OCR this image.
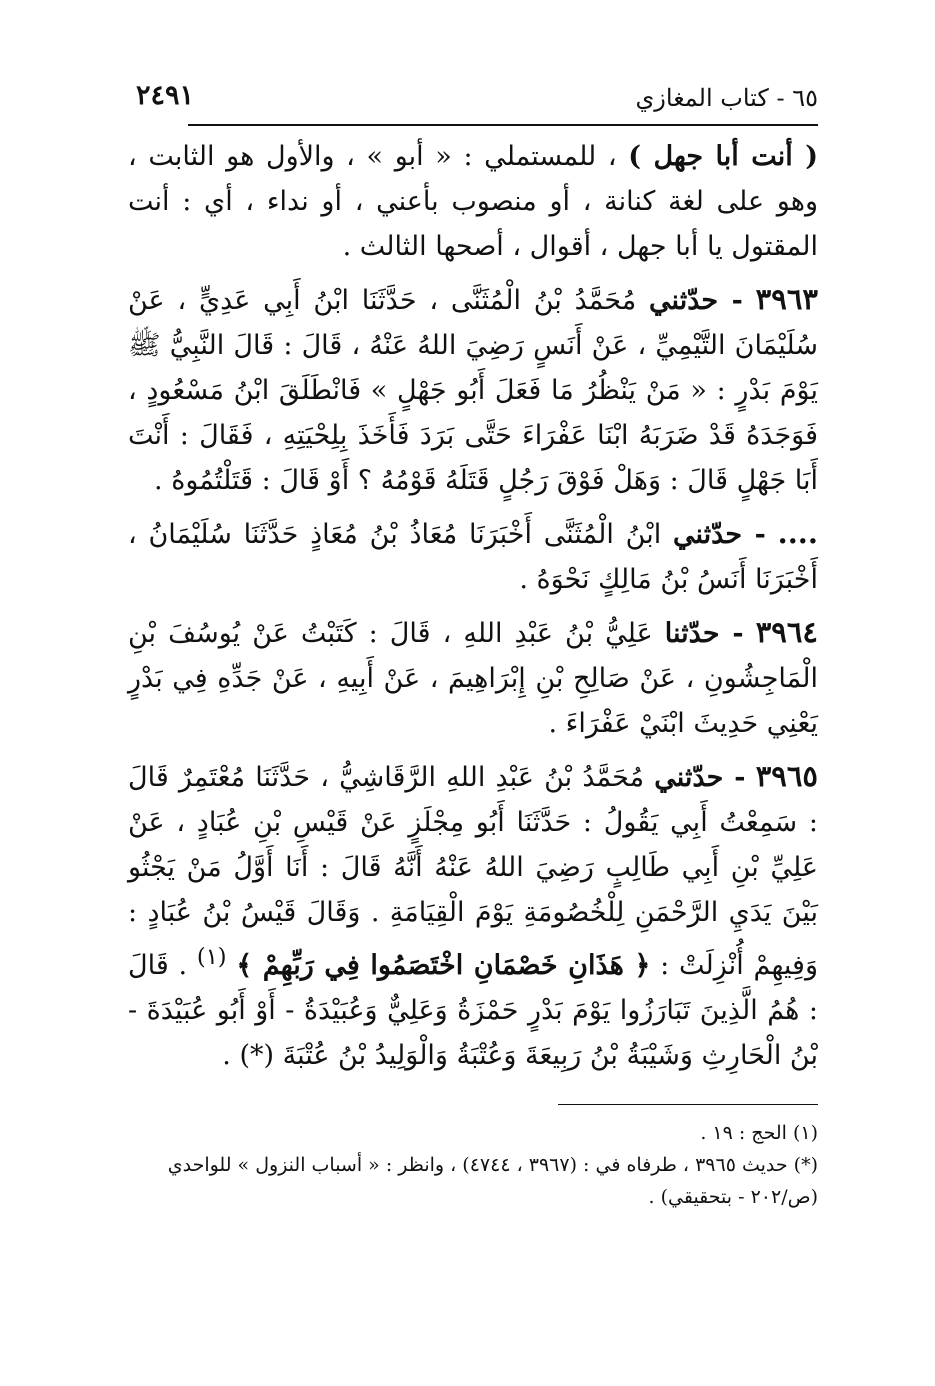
٦٥ - كتاب المغازي
٢٤٩١

( أنت أبا جهل ) ، للمستملي : « أبو » ، والأول هو الثابت ، وهو على لغة كنانة ، أو منصوب بأعني ، أو نداء ، أي : أنت المقتول يا أبا جهل ، أقوال ، أصحها الثالث .

٣٩٦٣ - حدّثني مُحَمَّدُ بْنُ الْمُثَنَّى ، حَدَّثَنَا ابْنُ أَبِي عَدِيٍّ ، عَنْ سُلَيْمَانَ التَّيْمِيِّ ، عَنْ أَنَسٍ رَضِيَ اللهُ عَنْهُ ، قَالَ : قَالَ النَّبِيُّ ﷺ يَوْمَ بَدْرٍ : « مَنْ يَنْظُرُ مَا فَعَلَ أَبُو جَهْلٍ » فَانْطَلَقَ ابْنُ مَسْعُودٍ ، فَوَجَدَهُ قَدْ ضَرَبَهُ ابْنَا عَفْرَاءَ حَتَّى بَرَدَ فَأَخَذَ بِلِحْيَتِهِ ، فَقَالَ : أَنْتَ أَبَا جَهْلٍ قَالَ : وَهَلْ فَوْقَ رَجُلٍ قَتَلَهُ قَوْمُهُ ؟ أَوْ قَالَ : قَتَلْتُمُوهُ .

.... - حدّثني ابْنُ الْمُثَنَّى أَخْبَرَنَا مُعَاذُ بْنُ مُعَاذٍ حَدَّثَنَا سُلَيْمَانُ ، أَخْبَرَنَا أَنَسُ بْنُ مَالِكٍ نَحْوَهُ .

٣٩٦٤ - حدّثنا عَلِيُّ بْنُ عَبْدِ اللهِ ، قَالَ : كَتَبْتُ عَنْ يُوسُفَ بْنِ الْمَاجِشُونِ ، عَنْ صَالِحِ بْنِ إِبْرَاهِيمَ ، عَنْ أَبِيهِ ، عَنْ جَدِّهِ فِي بَدْرٍ يَعْنِي حَدِيثَ ابْنَيْ عَفْرَاءَ .

٣٩٦٥ - حدّثني مُحَمَّدُ بْنُ عَبْدِ اللهِ الرَّقَاشِيُّ ، حَدَّثَنَا مُعْتَمِرٌ قَالَ : سَمِعْتُ أَبِي يَقُولُ : حَدَّثَنَا أَبُو مِجْلَزٍ عَنْ قَيْسِ بْنِ عُبَادٍ ، عَنْ عَلِيِّ بْنِ أَبِي طَالِبٍ رَضِيَ اللهُ عَنْهُ أَنَّهُ قَالَ : أَنَا أَوَّلُ مَنْ يَجْثُو بَيْنَ يَدَيِ الرَّحْمَنِ لِلْخُصُومَةِ يَوْمَ الْقِيَامَةِ . وَقَالَ قَيْسُ بْنُ عُبَادٍ : وَفِيهِمْ أُنْزِلَتْ : ﴿ هَذَانِ خَصْمَانِ اخْتَصَمُوا فِي رَبِّهِمْ ﴾ $^{(١)}$ . قَالَ : هُمُ الَّذِينَ تَبَارَزُوا يَوْمَ بَدْرٍ حَمْزَةُ وَعَلِيٌّ وَعُبَيْدَةُ - أَوْ أَبُو عُبَيْدَةَ - بْنُ الْحَارِثِ وَشَيْبَةُ بْنُ رَبِيعَةَ وَعُتْبَةُ وَالْوَلِيدُ بْنُ عُتْبَةَ (*) .

(١) الحج : ١٩ .

(*) حديث ٣٩٦٥ ، طرفاه في : (٣٩٦٧ ، ٤٧٤٤) ، وانظر : « أسباب النزول » للواحدي (ص/٢٠٢ - بتحقيقي) .
